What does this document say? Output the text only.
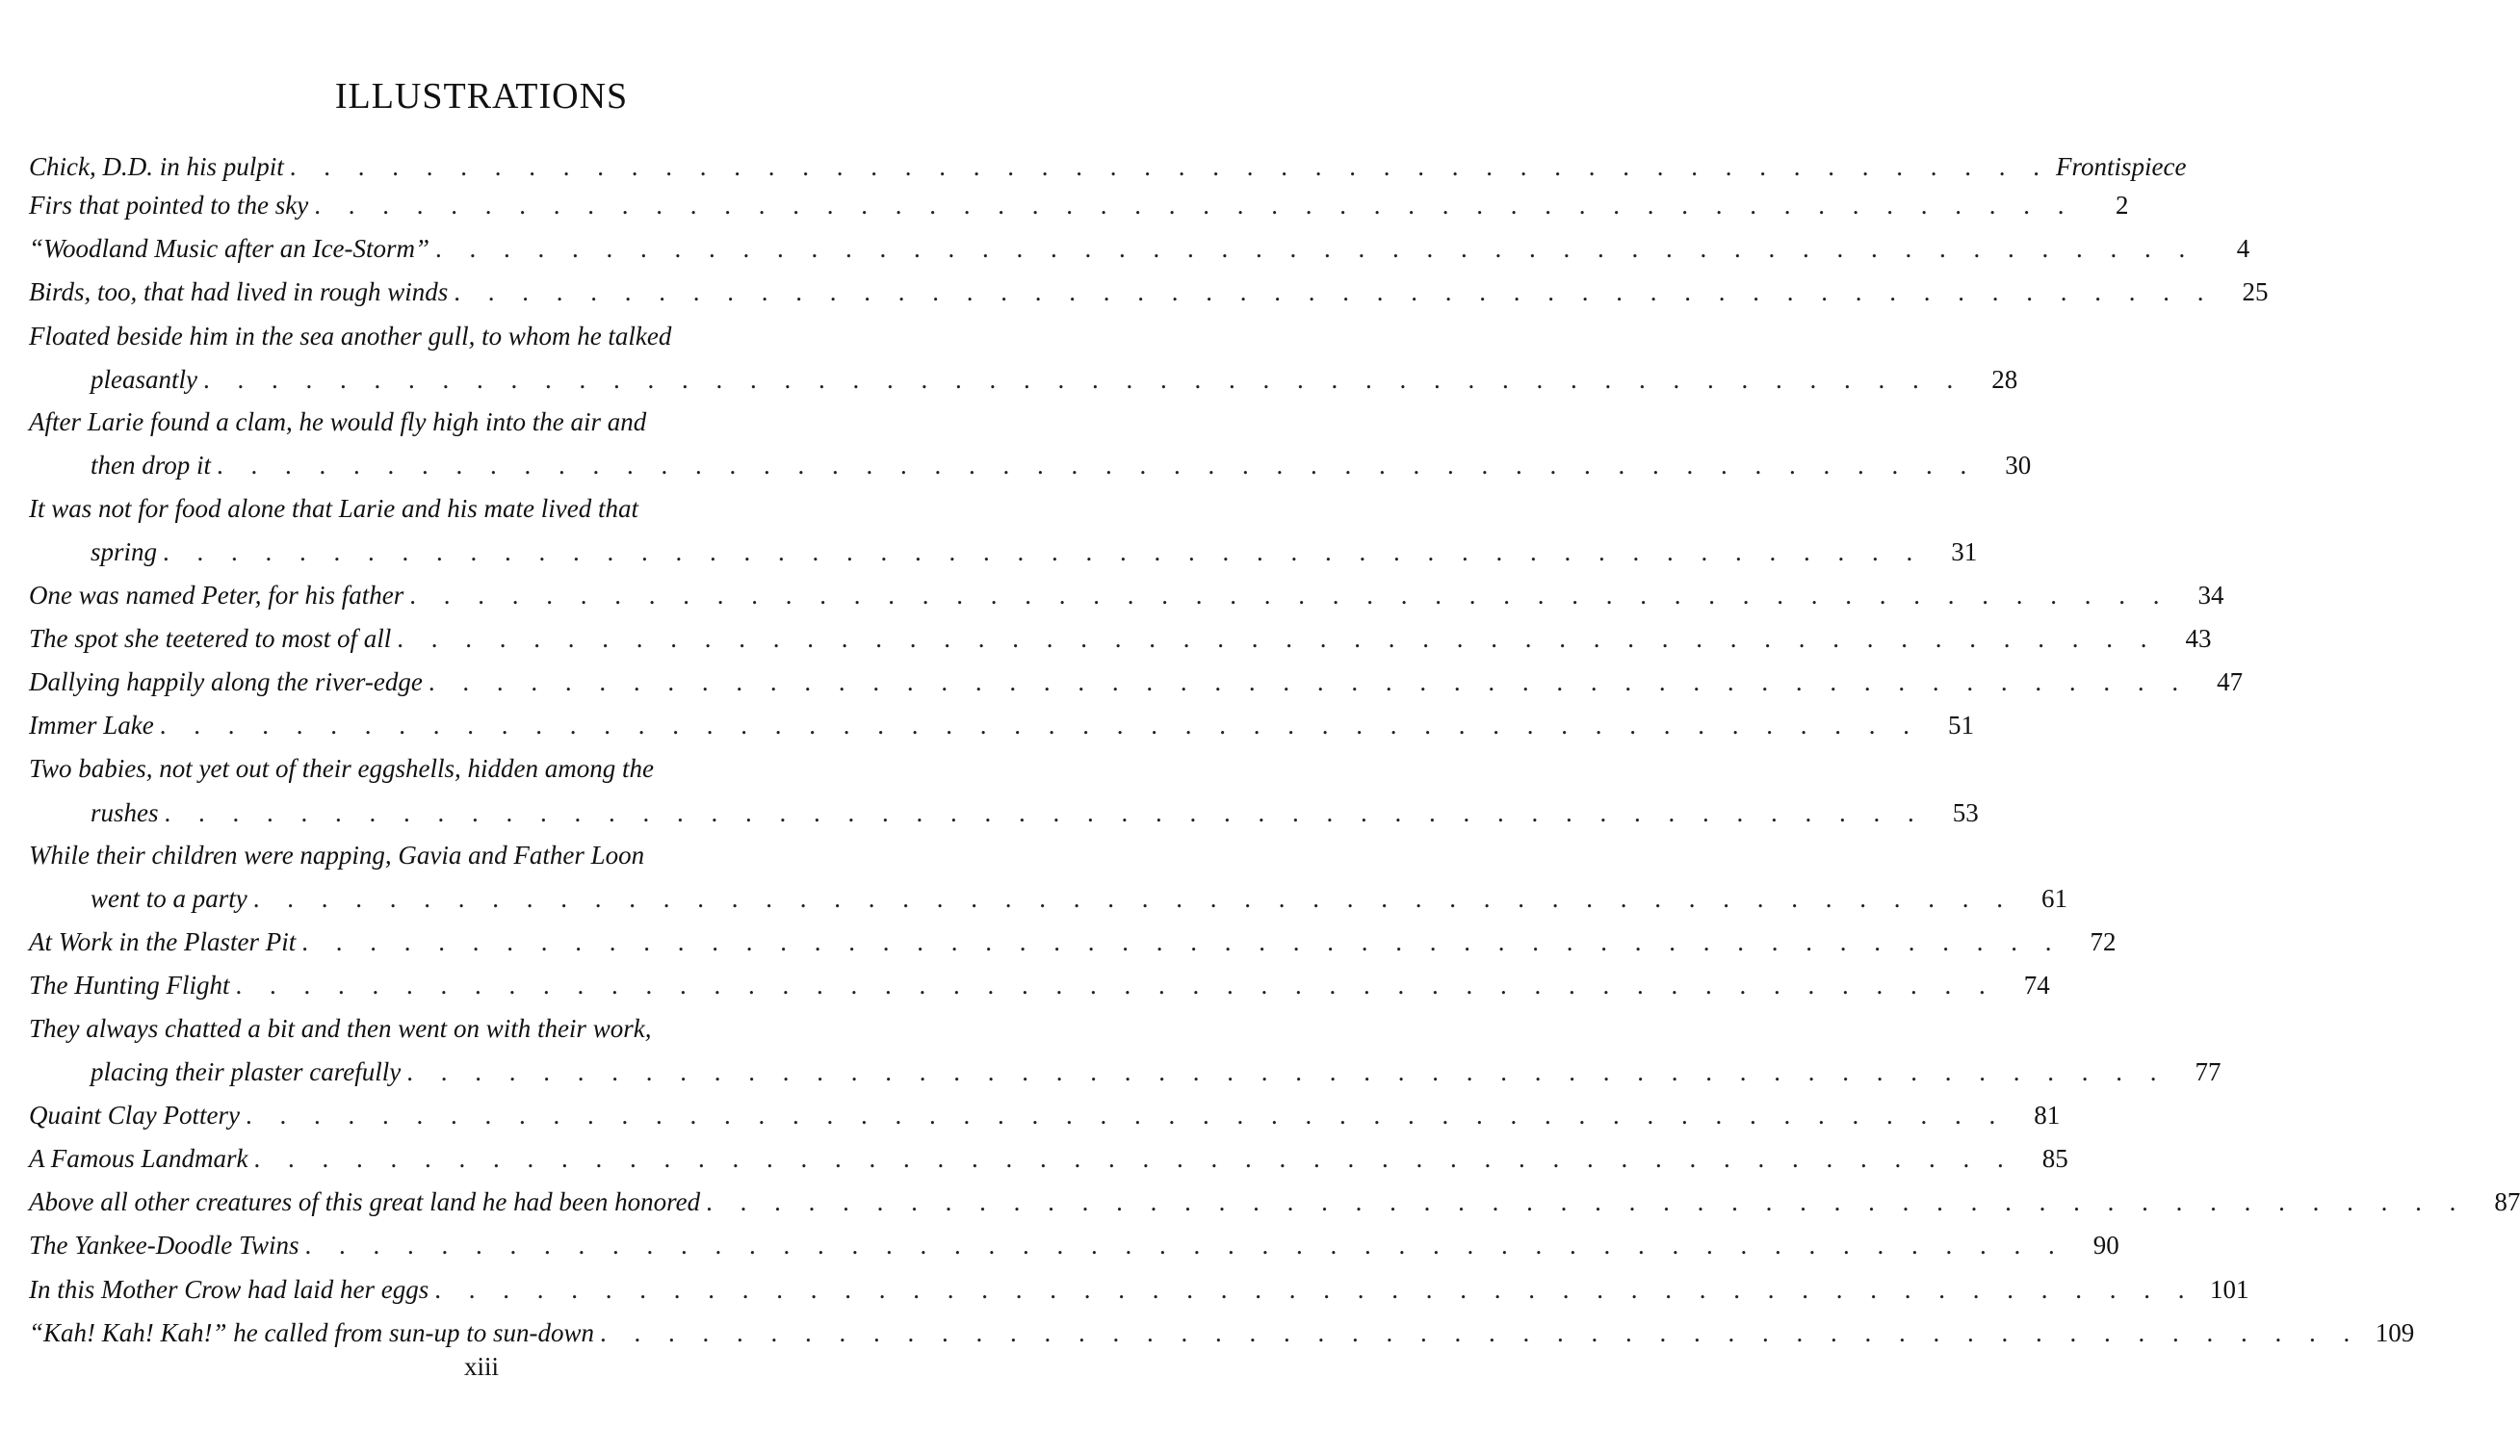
ILLUSTRATIONS
Chick, D.D. in his pulpit . . .	Frontispiece
Firs that pointed to the sky . . .	2
“Woodland Music after an Ice-Storm” . . .	4
Birds, too, that had lived in rough winds . . .	25
Floated beside him in the sea another gull, to whom he talked
pleasantly . . .	28
After Larie found a clam, he would fly high into the air and
then drop it . . .	30
It was not for food alone that Larie and his mate lived that
spring . . .	31
One was named Peter, for his father . . .	34
The spot she teetered to most of all . . .	43
Dallying happily along the river-edge . . .	47
Immer Lake . . .	51
Two babies, not yet out of their eggshells, hidden among the
rushes . . .	53
While their children were napping, Gavia and Father Loon
went to a party . . .	61
At Work in the Plaster Pit . . .	72
The Hunting Flight . . .	74
They always chatted a bit and then went on with their work,
placing their plaster carefully . . .	77
Quaint Clay Pottery . . .	81
A Famous Landmark . . .	85
Above all other creatures of this great land he had been honored . . .	87
The Yankee-Doodle Twins . . .	90
In this Mother Crow had laid her eggs . . .	101
“Kah! Kah! Kah!” he called from sun-up to sun-down . . .	109
xiii
